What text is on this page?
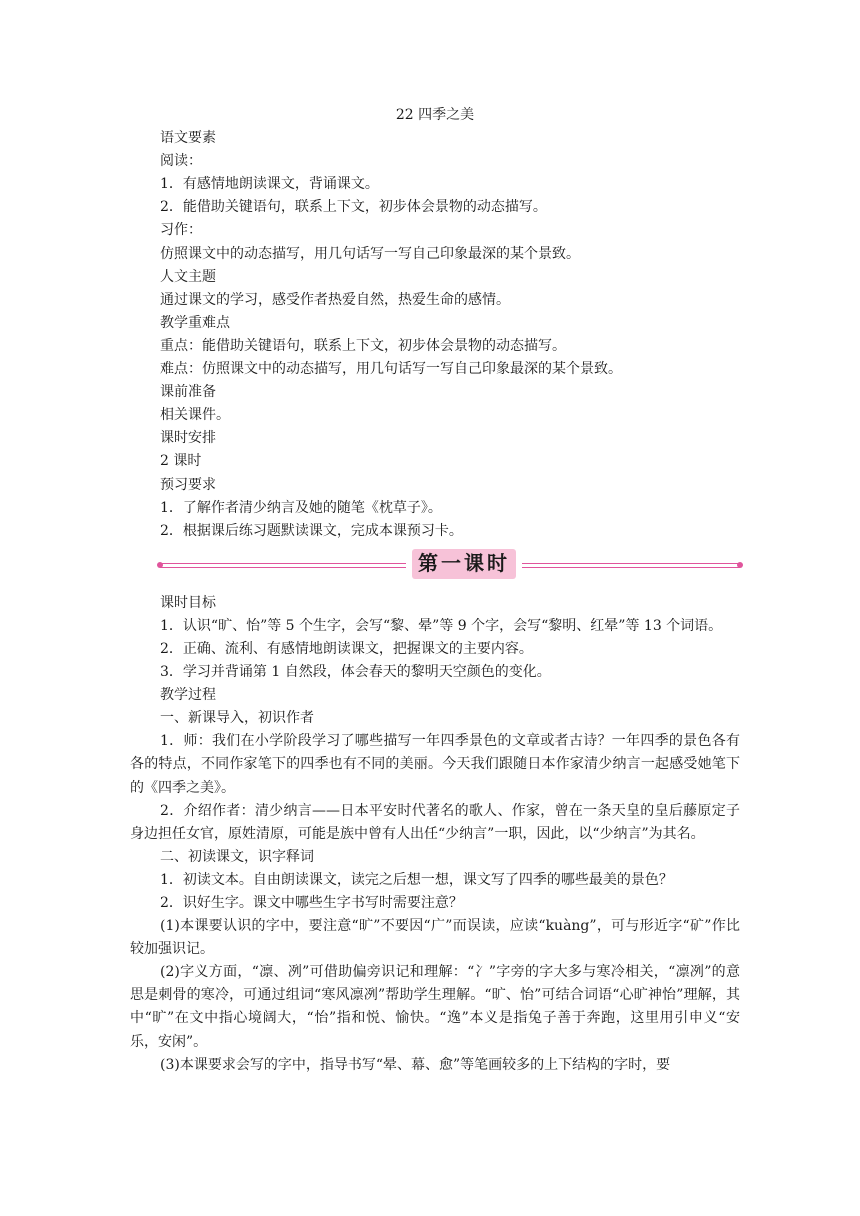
22 四季之美

语文要素

阅读：

1．有感情地朗读课文，背诵课文。

2．能借助关键语句，联系上下文，初步体会景物的动态描写。

习作：

仿照课文中的动态描写，用几句话写一写自己印象最深的某个景致。

人文主题

通过课文的学习，感受作者热爱自然，热爱生命的感情。

教学重难点

重点：能借助关键语句，联系上下文，初步体会景物的动态描写。

难点：仿照课文中的动态描写，用几句话写一写自己印象最深的某个景致。

课前准备

相关课件。

课时安排

2 课时

预习要求

1．了解作者清少纳言及她的随笔《枕草子》。

2．根据课后练习题默读课文，完成本课预习卡。

第一课时

课时目标

1．认识“旷、怡”等 5 个生字，会写“黎、晕”等 9 个字，会写“黎明、红晕”等 13 个词语。

2．正确、流利、有感情地朗读课文，把握课文的主要内容。

3．学习并背诵第 1 自然段，体会春天的黎明天空颜色的变化。

教学过程

一、新课导入，初识作者

1．师：我们在小学阶段学习了哪些描写一年四季景色的文章或者古诗？一年四季的景色各有各的特点，不同作家笔下的四季也有不同的美丽。今天我们跟随日本作家清少纳言一起感受她笔下的《四季之美》。

2．介绍作者：清少纳言——日本平安时代著名的歌人、作家，曾在一条天皇的皇后藤原定子身边担任女官，原姓清原，可能是族中曾有人出任“少纳言”一职，因此，以“少纳言”为其名。

二、初读课文，识字释词

1．初读文本。自由朗读课文，读完之后想一想，课文写了四季的哪些最美的景色？

2．识好生字。课文中哪些生字书写时需要注意？

(1)本课要认识的字中，要注意“旷”不要因“广”而误读，应读“kuàng”，可与形近字“矿”作比较加强识记。

(2)字义方面，“凛、冽”可借助偏旁识记和理解：“冫”字旁的字大多与寒冷相关，“凛冽”的意思是刺骨的寒冷，可通过组词“寒风凛冽”帮助学生理解。“旷、怡”可结合词语“心旷神怡”理解，其中“旷”在文中指心境阔大，“怡”指和悦、愉快。“逸”本义是指兔子善于奔跑，这里用引申义“安乐，安闲”。

(3)本课要求会写的字中，指导书写“晕、幕、愈”等笔画较多的上下结构的字时，要
